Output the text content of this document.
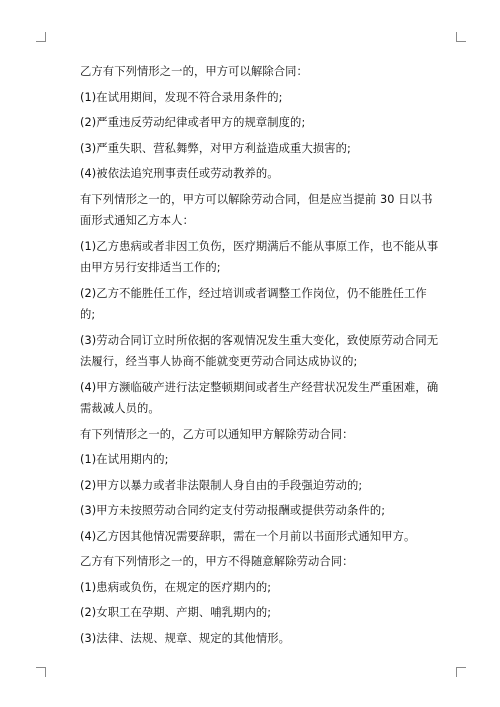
乙方有下列情形之一的，甲方可以解除合同：

(1)在试用期间，发现不符合录用条件的;

(2)严重违反劳动纪律或者甲方的规章制度的;

(3)严重失职、营私舞弊，对甲方利益造成重大损害的;

(4)被依法追究刑事责任或劳动教养的。

有下列情形之一的，甲方可以解除劳动合同，但是应当提前 30 日以书面形式通知乙方本人：

(1)乙方患病或者非因工负伤，医疗期满后不能从事原工作，也不能从事由甲方另行安排适当工作的;

(2)乙方不能胜任工作，经过培训或者调整工作岗位，仍不能胜任工作的;

(3)劳动合同订立时所依据的客观情况发生重大变化，致使原劳动合同无法履行，经当事人协商不能就变更劳动合同达成协议的;

(4)甲方濒临破产进行法定整顿期间或者生产经营状况发生严重困难，确需裁减人员的。

有下列情形之一的，乙方可以通知甲方解除劳动合同：

(1)在试用期内的;

(2)甲方以暴力或者非法限制人身自由的手段强迫劳动的;

(3)甲方未按照劳动合同约定支付劳动报酬或提供劳动条件的;

(4)乙方因其他情况需要辞职，需在一个月前以书面形式通知甲方。

乙方有下列情形之一的，甲方不得随意解除劳动合同：

(1)患病或负伤，在规定的医疗期内的;

(2)女职工在孕期、产期、哺乳期内的;

(3)法律、法规、规章、规定的其他情形。
